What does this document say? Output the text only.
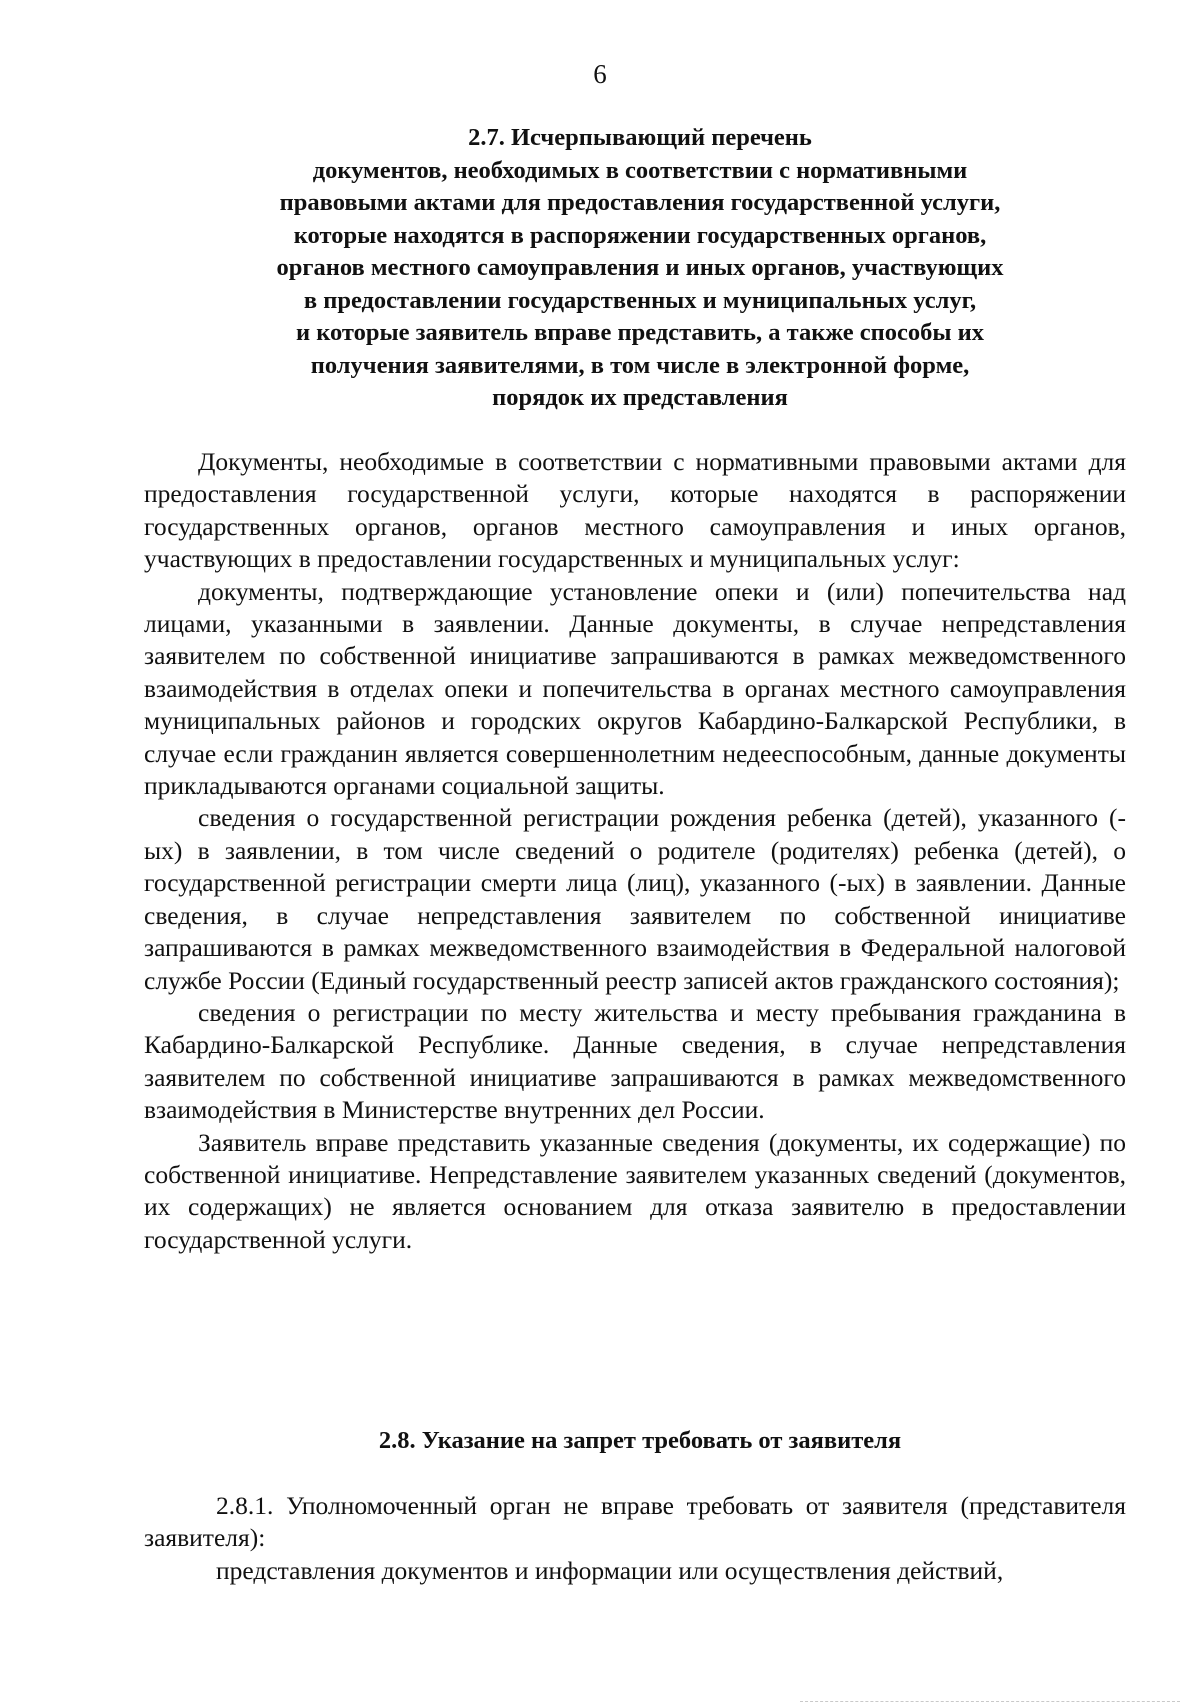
6
2.7. Исчерпывающий перечень
документов, необходимых в соответствии с нормативными
правовыми актами для предоставления государственной услуги,
которые находятся в распоряжении государственных органов,
органов местного самоуправления и иных органов, участвующих
в предоставлении государственных и муниципальных услуг,
и которые заявитель вправе представить, а также способы их
получения заявителями, в том числе в электронной форме,
порядок их представления

Документы, необходимые в соответствии с нормативными правовыми актами для предоставления государственной услуги, которые находятся в распоряжении государственных органов, органов местного самоуправления и иных органов, участвующих в предоставлении государственных и муниципальных услуг:

документы, подтверждающие установление опеки и (или) попечительства над лицами, указанными в заявлении. Данные документы, в случае непредставления заявителем по собственной инициативе запрашиваются в рамках межведомственного взаимодействия в отделах опеки и попечительства в органах местного самоуправления муниципальных районов и городских округов Кабардино-Балкарской Республики, в случае если гражданин является совершеннолетним недееспособным, данные документы прикладываются органами социальной защиты.

сведения о государственной регистрации рождения ребенка (детей), указанного (-ых) в заявлении, в том числе сведений о родителе (родителях) ребенка (детей), о государственной регистрации смерти лица (лиц), указанного (-ых) в заявлении. Данные сведения, в случае непредставления заявителем по собственной инициативе запрашиваются в рамках межведомственного взаимодействия в Федеральной налоговой службе России (Единый государственный реестр записей актов гражданского состояния);

сведения о регистрации по месту жительства и месту пребывания гражданина в Кабардино-Балкарской Республике. Данные сведения, в случае непредставления заявителем по собственной инициативе запрашиваются в рамках межведомственного взаимодействия в Министерстве внутренних дел России.

Заявитель вправе представить указанные сведения (документы, их содержащие) по собственной инициативе. Непредставление заявителем указанных сведений (документов, их содержащих) не является основанием для отказа заявителю в предоставлении государственной услуги.

2.8. Указание на запрет требовать от заявителя

2.8.1. Уполномоченный орган не вправе требовать от заявителя (представителя заявителя):

представления документов и информации или осуществления действий,
